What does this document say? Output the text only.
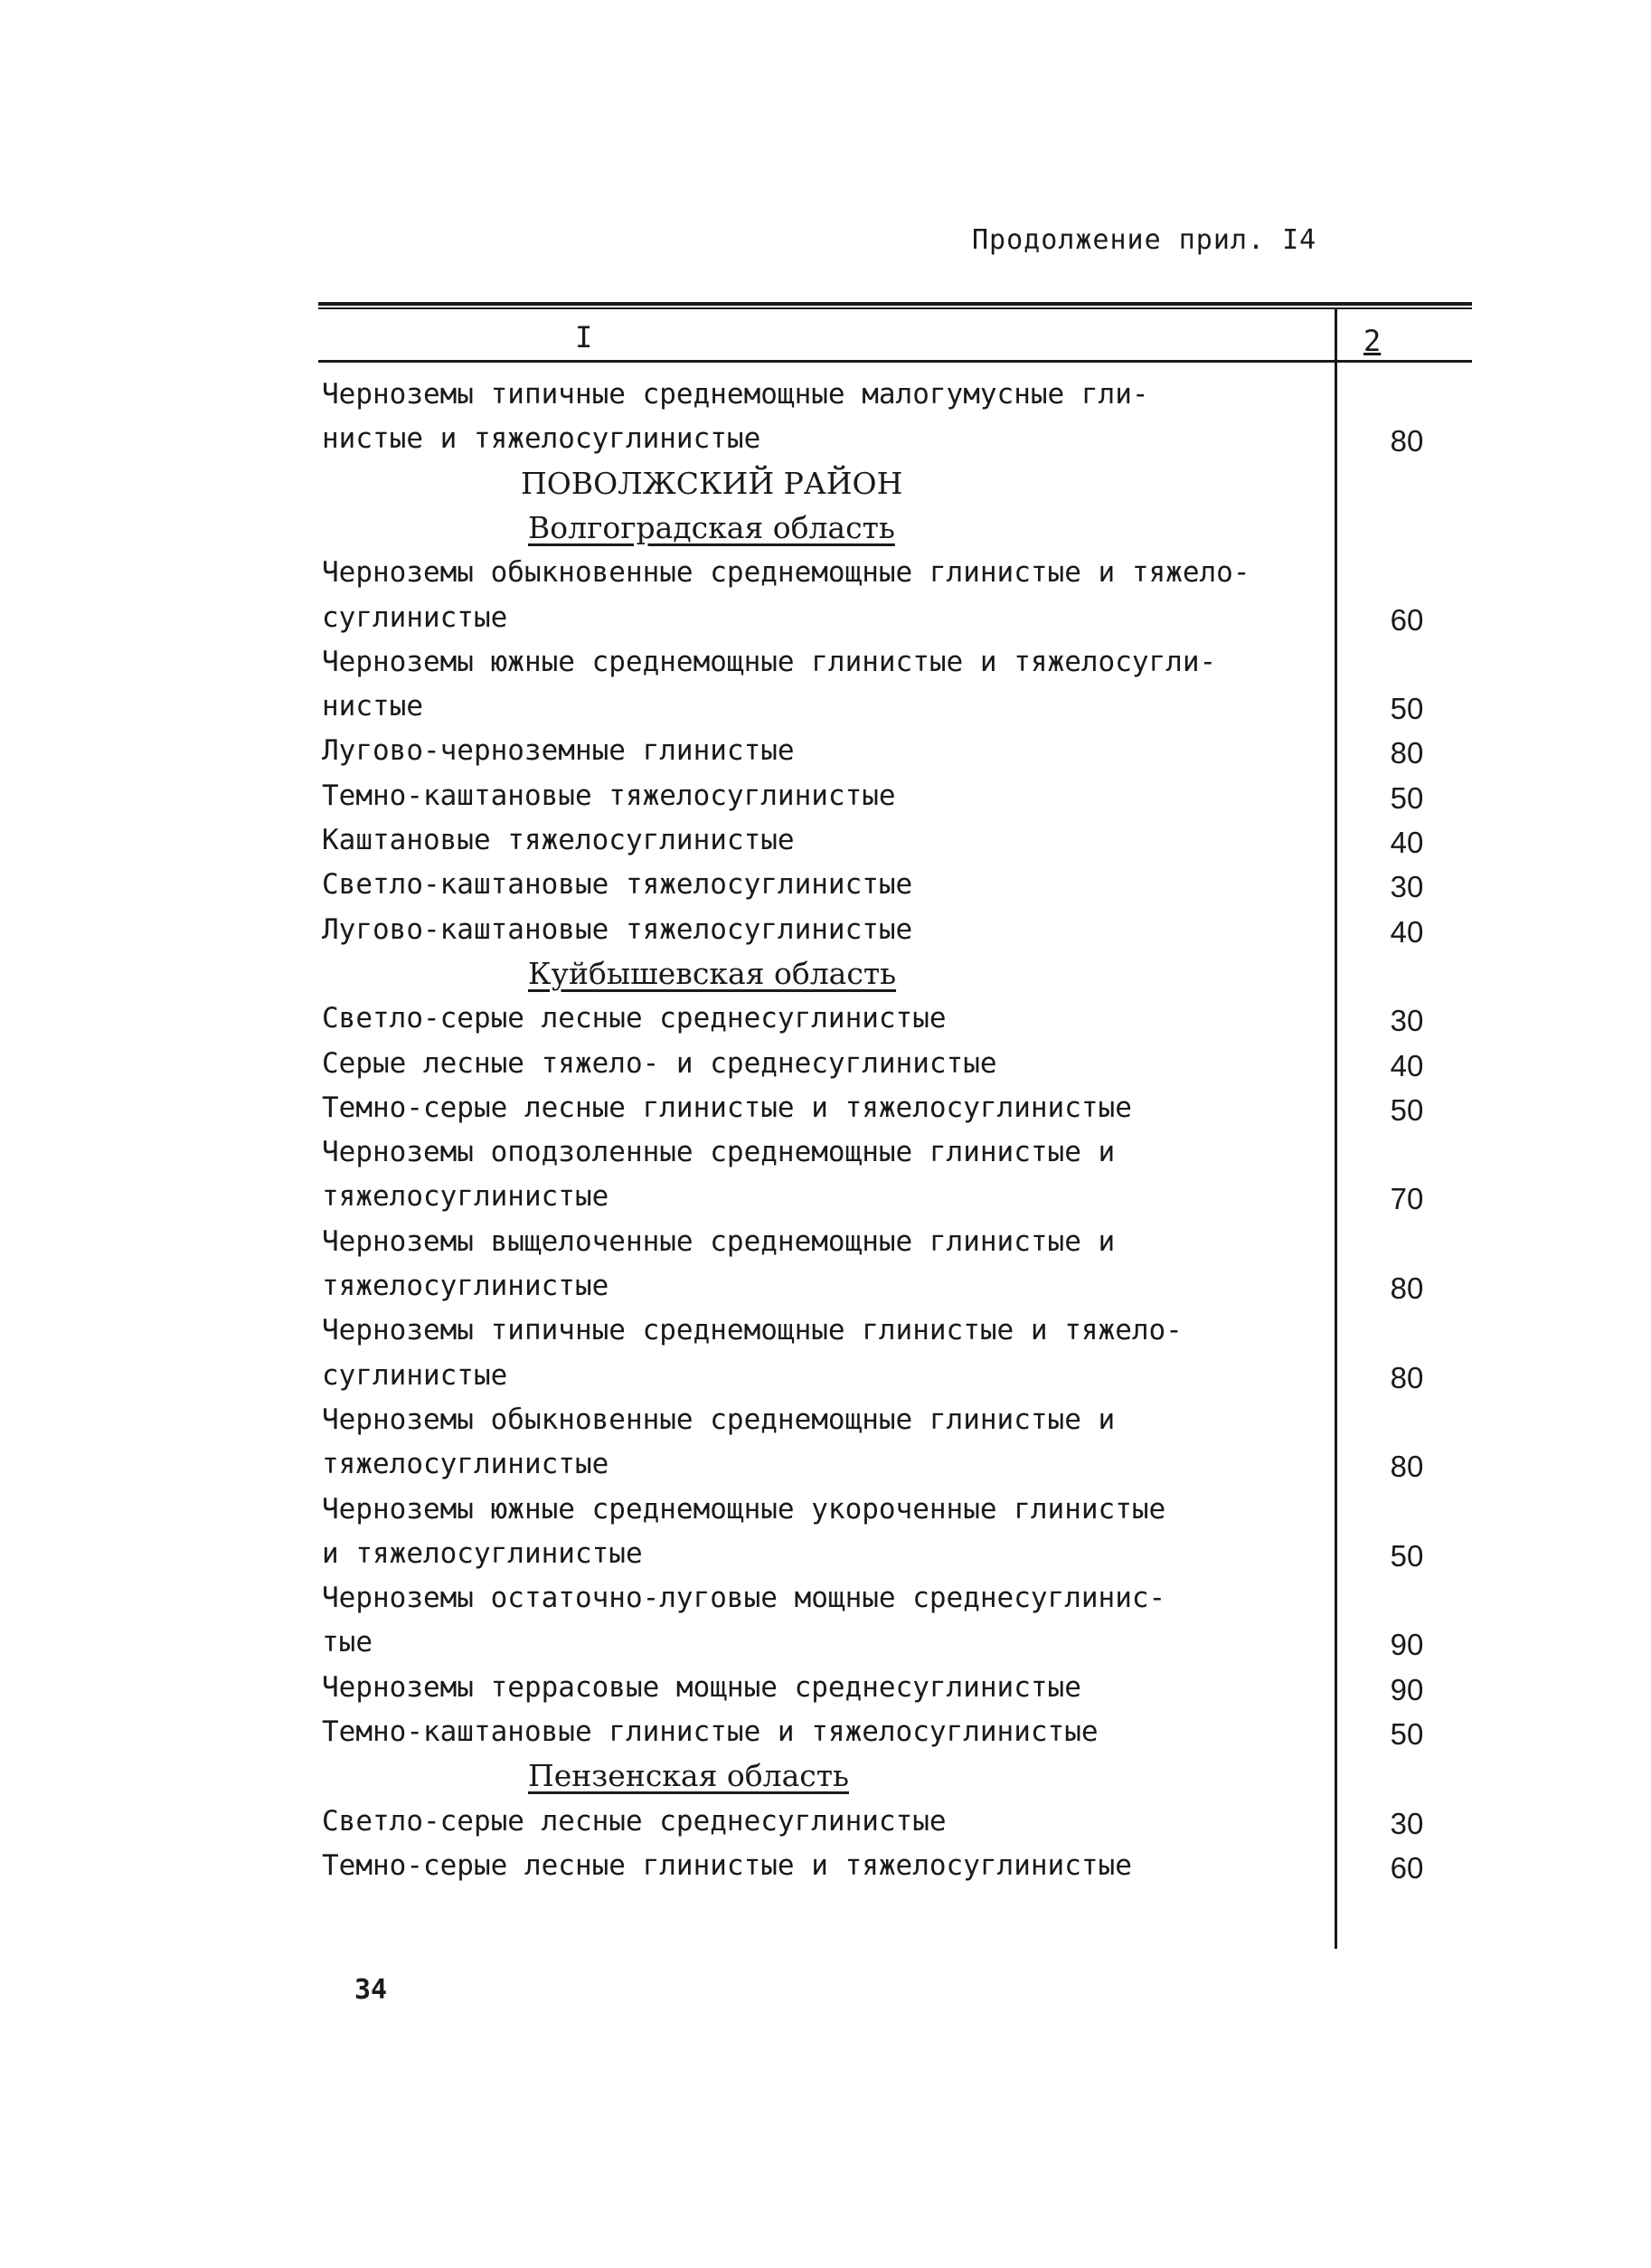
Продолжение прил. I4
I	2
Черноземы типичные среднемощные малогумусные гли-
нистые и тяжелосуглинистые	80
ПОВОЛЖСКИЙ РАЙОН
Волгоградская область
Черноземы обыкновенные среднемощные глинистые и тяжело-
суглинистые	60
Черноземы южные среднемощные глинистые и тяжелосугли-
нистые	50
Лугово-черноземные глинистые	80
Темно-каштановые тяжелосуглинистые	50
Каштановые тяжелосуглинистые	40
Светло-каштановые тяжелосуглинистые	30
Лугово-каштановые тяжелосуглинистые	40
Куйбышевская область
Светло-серые лесные среднесуглинистые	30
Серые лесные тяжело- и среднесуглинистые	40
Темно-серые лесные глинистые и тяжелосуглинистые	50
Черноземы оподзоленные среднемощные глинистые и
тяжелосуглинистые	70
Черноземы выщелоченные среднемощные глинистые и
тяжелосуглинистые	80
Черноземы типичные среднемощные глинистые и тяжело-
суглинистые	80
Черноземы обыкновенные среднемощные глинистые и
тяжелосуглинистые	80
Черноземы южные среднемощные укороченные глинистые
и тяжелосуглинистые	50
Черноземы остаточно-луговые мощные среднесуглинис-
тые	90
Черноземы террасовые мощные среднесуглинистые	90
Темно-каштановые глинистые и тяжелосуглинистые	50
Пензенская область
Светло-серые лесные среднесуглинистые	30
Темно-серые лесные глинистые и тяжелосуглинистые	60
34
